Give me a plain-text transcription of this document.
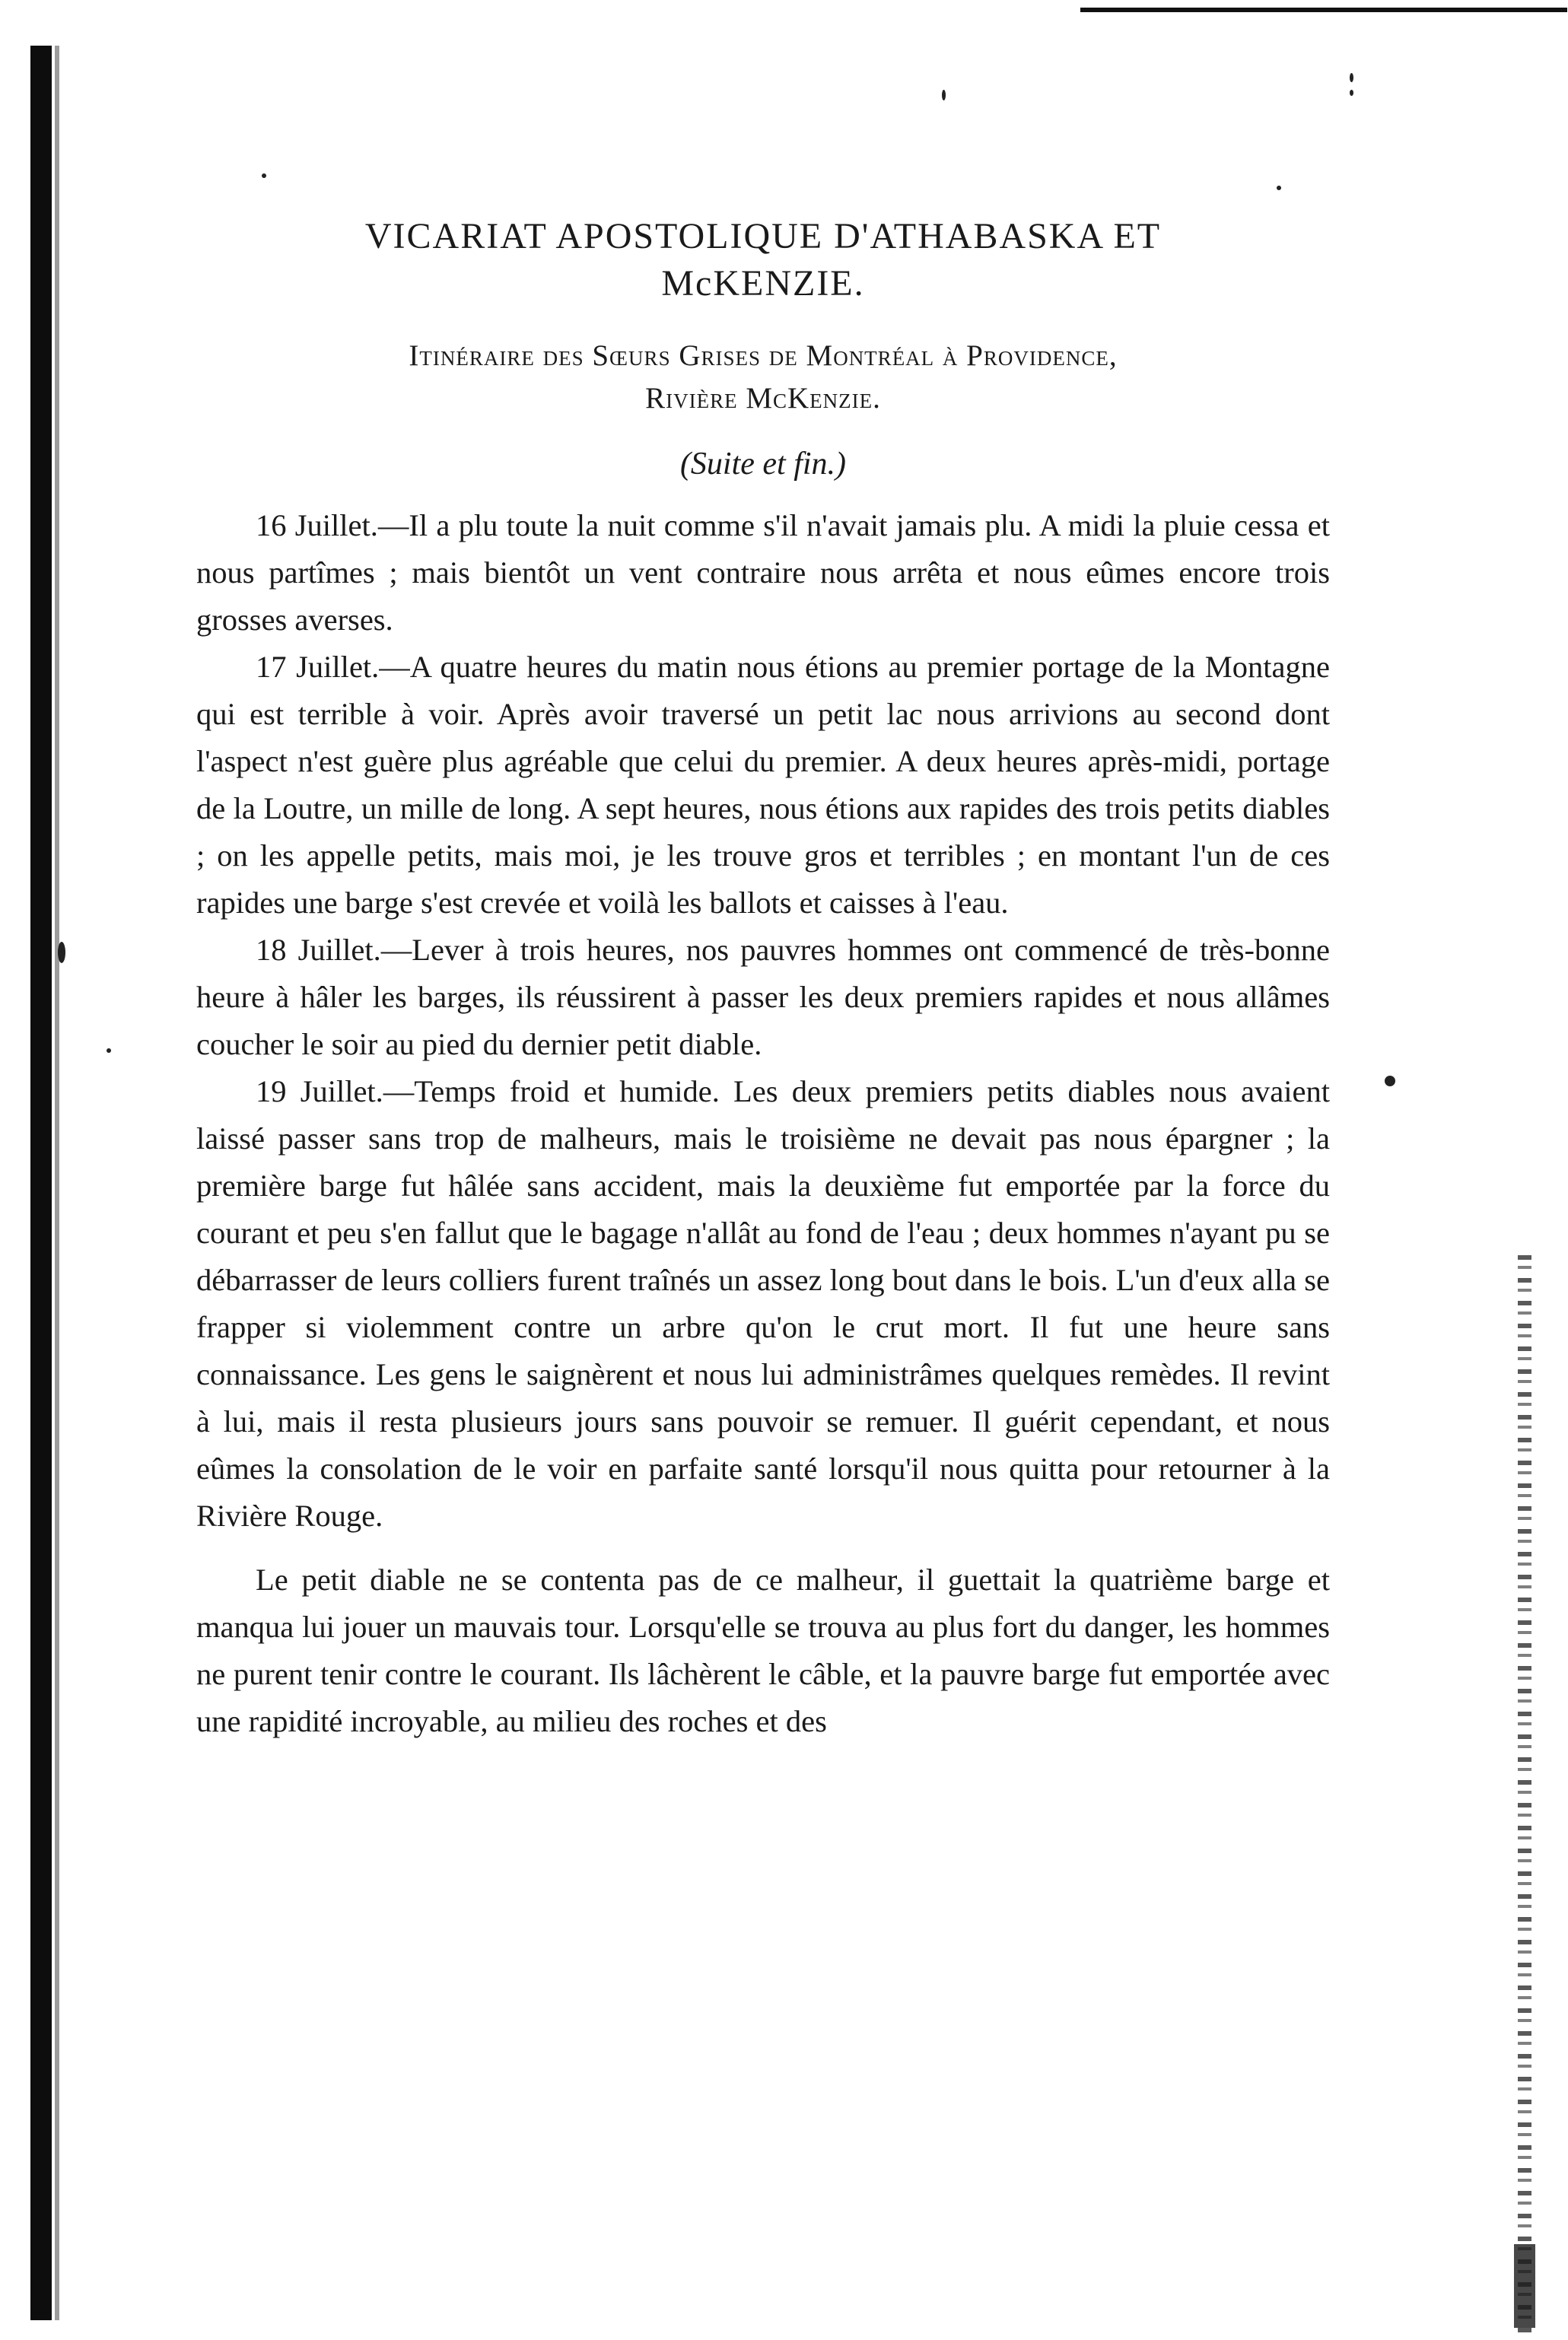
VICARIAT APOSTOLIQUE D'ATHABASKA ET
McKENZIE.
Itinéraire des Sœurs Grises de Montréal à Providence,
Rivière McKenzie.
(Suite et fin.)

16 Juillet.—Il a plu toute la nuit comme s'il n'avait jamais plu. A midi la pluie cessa et nous partîmes ; mais bientôt un vent contraire nous arrêta et nous eûmes encore trois grosses averses.

17 Juillet.—A quatre heures du matin nous étions au premier portage de la Montagne qui est terrible à voir. Après avoir traversé un petit lac nous arrivions au second dont l'aspect n'est guère plus agréable que celui du premier. A deux heures après-midi, portage de la Loutre, un mille de long. A sept heures, nous étions aux rapides des trois petits diables ; on les appelle petits, mais moi, je les trouve gros et terribles ; en montant l'un de ces rapides une barge s'est crevée et voilà les ballots et caisses à l'eau.

18 Juillet.—Lever à trois heures, nos pauvres hommes ont commencé de très-bonne heure à hâler les barges, ils réussirent à passer les deux premiers rapides et nous allâmes coucher le soir au pied du dernier petit diable.

19 Juillet.—Temps froid et humide. Les deux premiers petits diables nous avaient laissé passer sans trop de malheurs, mais le troisième ne devait pas nous épargner ; la première barge fut hâlée sans accident, mais la deuxième fut emportée par la force du courant et peu s'en fallut que le bagage n'allât au fond de l'eau ; deux hommes n'ayant pu se débarrasser de leurs colliers furent traînés un assez long bout dans le bois. L'un d'eux alla se frapper si violemment contre un arbre qu'on le crut mort. Il fut une heure sans connaissance. Les gens le saignèrent et nous lui administrâmes quelques remèdes. Il revint à lui, mais il resta plusieurs jours sans pouvoir se remuer. Il guérit cependant, et nous eûmes la consolation de le voir en parfaite santé lorsqu'il nous quitta pour retourner à la Rivière Rouge.

Le petit diable ne se contenta pas de ce malheur, il guettait la quatrième barge et manqua lui jouer un mauvais tour. Lorsqu'elle se trouva au plus fort du danger, les hommes ne purent tenir contre le courant. Ils lâchèrent le câble, et la pauvre barge fut emportée avec une rapidité incroyable, au milieu des roches et des
